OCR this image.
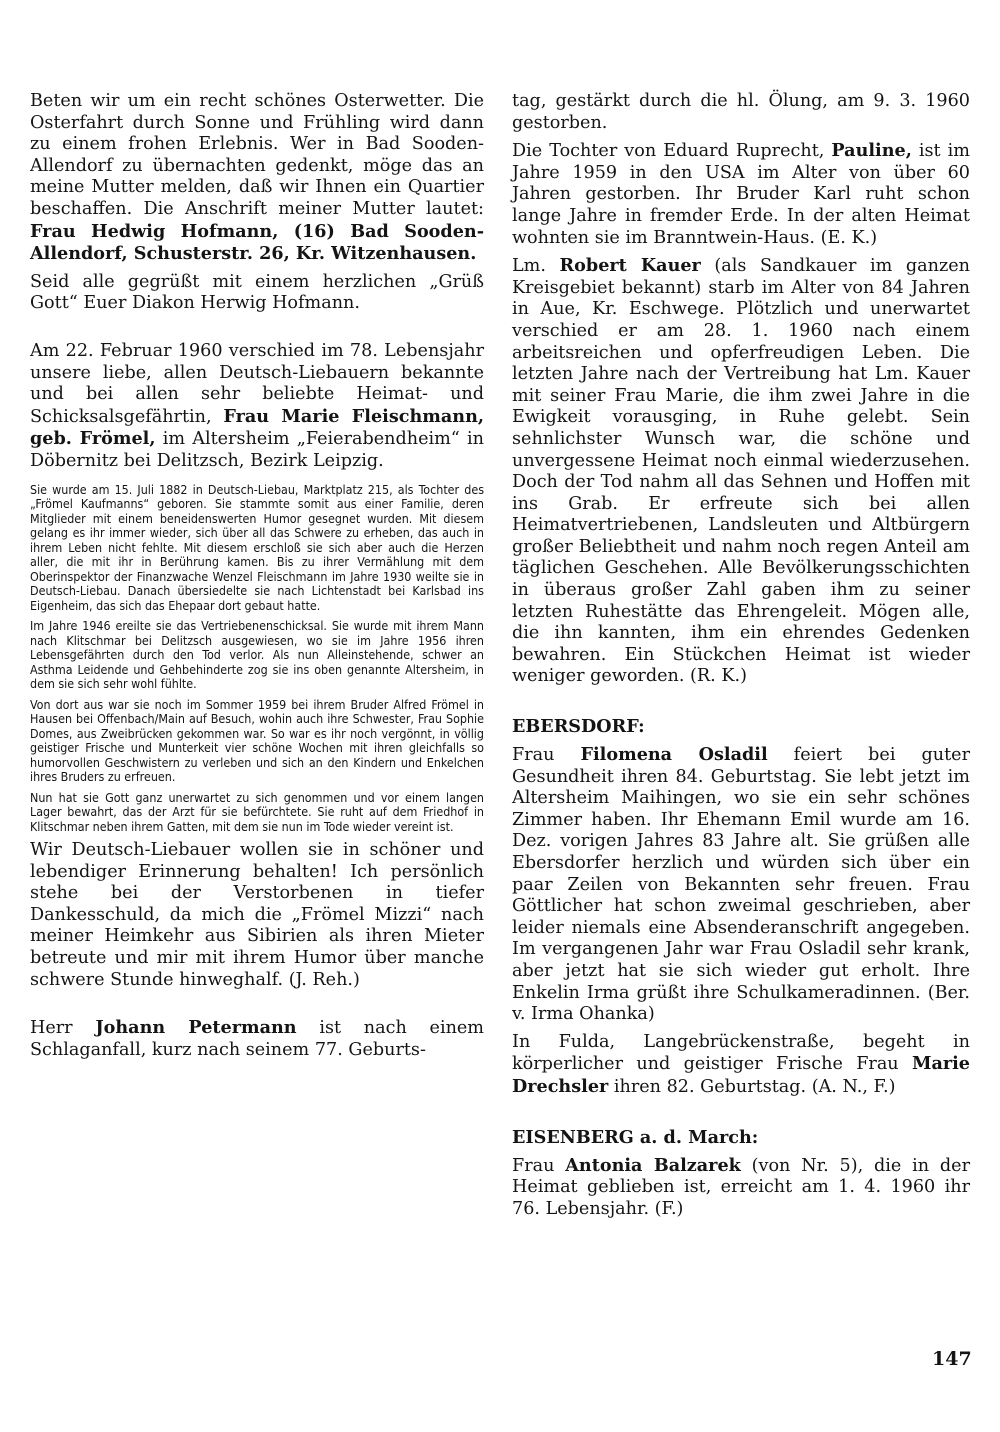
Beten wir um ein recht schönes Osterwetter. Die Osterfahrt durch Sonne und Frühling wird dann zu einem frohen Erlebnis. Wer in Bad Sooden-Allendorf zu übernachten gedenkt, möge das an meine Mutter melden, daß wir Ihnen ein Quartier beschaffen. Die Anschrift meiner Mutter lautet: Frau Hedwig Hofmann, (16) Bad Sooden-Allendorf, Schusterstr. 26, Kr. Witzenhausen.

Seid alle gegrüßt mit einem herzlichen „Grüß Gott“ Euer Diakon Herwig Hofmann.

Am 22. Februar 1960 verschied im 78. Lebensjahr unsere liebe, allen Deutsch-Liebauern bekannte und bei allen sehr beliebte Heimat- und Schicksalsgefährtin, Frau Marie Fleischmann, geb. Frömel, im Altersheim „Feierabendheim“ in Döbernitz bei Delitzsch, Bezirk Leipzig.

Sie wurde am 15. Juli 1882 in Deutsch-Liebau, Marktplatz 215, als Tochter des „Frömel Kaufmanns“ geboren. Sie stammte somit aus einer Familie, deren Mitglieder mit einem beneidenswerten Humor gesegnet wurden. Mit diesem gelang es ihr immer wieder, sich über all das Schwere zu erheben, das auch in ihrem Leben nicht fehlte. Mit diesem erschloß sie sich aber auch die Herzen aller, die mit ihr in Berührung kamen. Bis zu ihrer Vermählung mit dem Oberinspektor der Finanzwache Wenzel Fleischmann im Jahre 1930 weilte sie in Deutsch-Liebau. Danach übersiedelte sie nach Lichtenstadt bei Karlsbad ins Eigenheim, das sich das Ehepaar dort gebaut hatte.

Im Jahre 1946 ereilte sie das Vertriebenenschicksal. Sie wurde mit ihrem Mann nach Klitschmar bei Delitzsch ausgewiesen, wo sie im Jahre 1956 ihren Lebensgefährten durch den Tod verlor. Als nun Alleinstehende, schwer an Asthma Leidende und Gehbehinderte zog sie ins oben genannte Altersheim, in dem sie sich sehr wohl fühlte.

Von dort aus war sie noch im Sommer 1959 bei ihrem Bruder Alfred Frömel in Hausen bei Offenbach/Main auf Besuch, wohin auch ihre Schwester, Frau Sophie Domes, aus Zweibrücken gekommen war. So war es ihr noch vergönnt, in völlig geistiger Frische und Munterkeit vier schöne Wochen mit ihren gleichfalls so humorvollen Geschwistern zu verleben und sich an den Kindern und Enkelchen ihres Bruders zu erfreuen.

Nun hat sie Gott ganz unerwartet zu sich genommen und vor einem langen Lager bewahrt, das der Arzt für sie befürchtete. Sie ruht auf dem Friedhof in Klitschmar neben ihrem Gatten, mit dem sie nun im Tode wieder vereint ist.

Wir Deutsch-Liebauer wollen sie in schöner und lebendiger Erinnerung behalten! Ich persönlich stehe bei der Verstorbenen in tiefer Dankesschuld, da mich die „Frömel Mizzi“ nach meiner Heimkehr aus Sibirien als ihren Mieter betreute und mir mit ihrem Humor über manche schwere Stunde hinweghalf. (J. Reh.)

Herr Johann Petermann ist nach einem Schlaganfall, kurz nach seinem 77. Geburts-

tag, gestärkt durch die hl. Ölung, am 9. 3. 1960 gestorben.

Die Tochter von Eduard Ruprecht, Pauline, ist im Jahre 1959 in den USA im Alter von über 60 Jahren gestorben. Ihr Bruder Karl ruht schon lange Jahre in fremder Erde. In der alten Heimat wohnten sie im Branntwein-Haus. (E. K.)

Lm. Robert Kauer (als Sandkauer im ganzen Kreisgebiet bekannt) starb im Alter von 84 Jahren in Aue, Kr. Eschwege. Plötzlich und unerwartet verschied er am 28. 1. 1960 nach einem arbeitsreichen und opferfreudigen Leben. Die letzten Jahre nach der Vertreibung hat Lm. Kauer mit seiner Frau Marie, die ihm zwei Jahre in die Ewigkeit vorausging, in Ruhe gelebt. Sein sehnlichster Wunsch war, die schöne und unvergessene Heimat noch einmal wiederzusehen. Doch der Tod nahm all das Sehnen und Hoffen mit ins Grab. Er erfreute sich bei allen Heimatvertriebenen, Landsleuten und Altbürgern großer Beliebtheit und nahm noch regen Anteil am täglichen Geschehen. Alle Bevölkerungsschichten in überaus großer Zahl gaben ihm zu seiner letzten Ruhestätte das Ehrengeleit. Mögen alle, die ihn kannten, ihm ein ehrendes Gedenken bewahren. Ein Stückchen Heimat ist wieder weniger geworden. (R. K.)

EBERSDORF:

Frau Filomena Osladil feiert bei guter Gesundheit ihren 84. Geburtstag. Sie lebt jetzt im Altersheim Maihingen, wo sie ein sehr schönes Zimmer haben. Ihr Ehemann Emil wurde am 16. Dez. vorigen Jahres 83 Jahre alt. Sie grüßen alle Ebersdorfer herzlich und würden sich über ein paar Zeilen von Bekannten sehr freuen. Frau Göttlicher hat schon zweimal geschrieben, aber leider niemals eine Absenderanschrift angegeben. Im vergangenen Jahr war Frau Osladil sehr krank, aber jetzt hat sie sich wieder gut erholt. Ihre Enkelin Irma grüßt ihre Schulkameradinnen. (Ber. v. Irma Ohanka)

In Fulda, Langebrückenstraße, begeht in körperlicher und geistiger Frische Frau Marie Drechsler ihren 82. Geburtstag. (A. N., F.)

EISENBERG a. d. March:

Frau Antonia Balzarek (von Nr. 5), die in der Heimat geblieben ist, erreicht am 1. 4. 1960 ihr 76. Lebensjahr. (F.)

147
